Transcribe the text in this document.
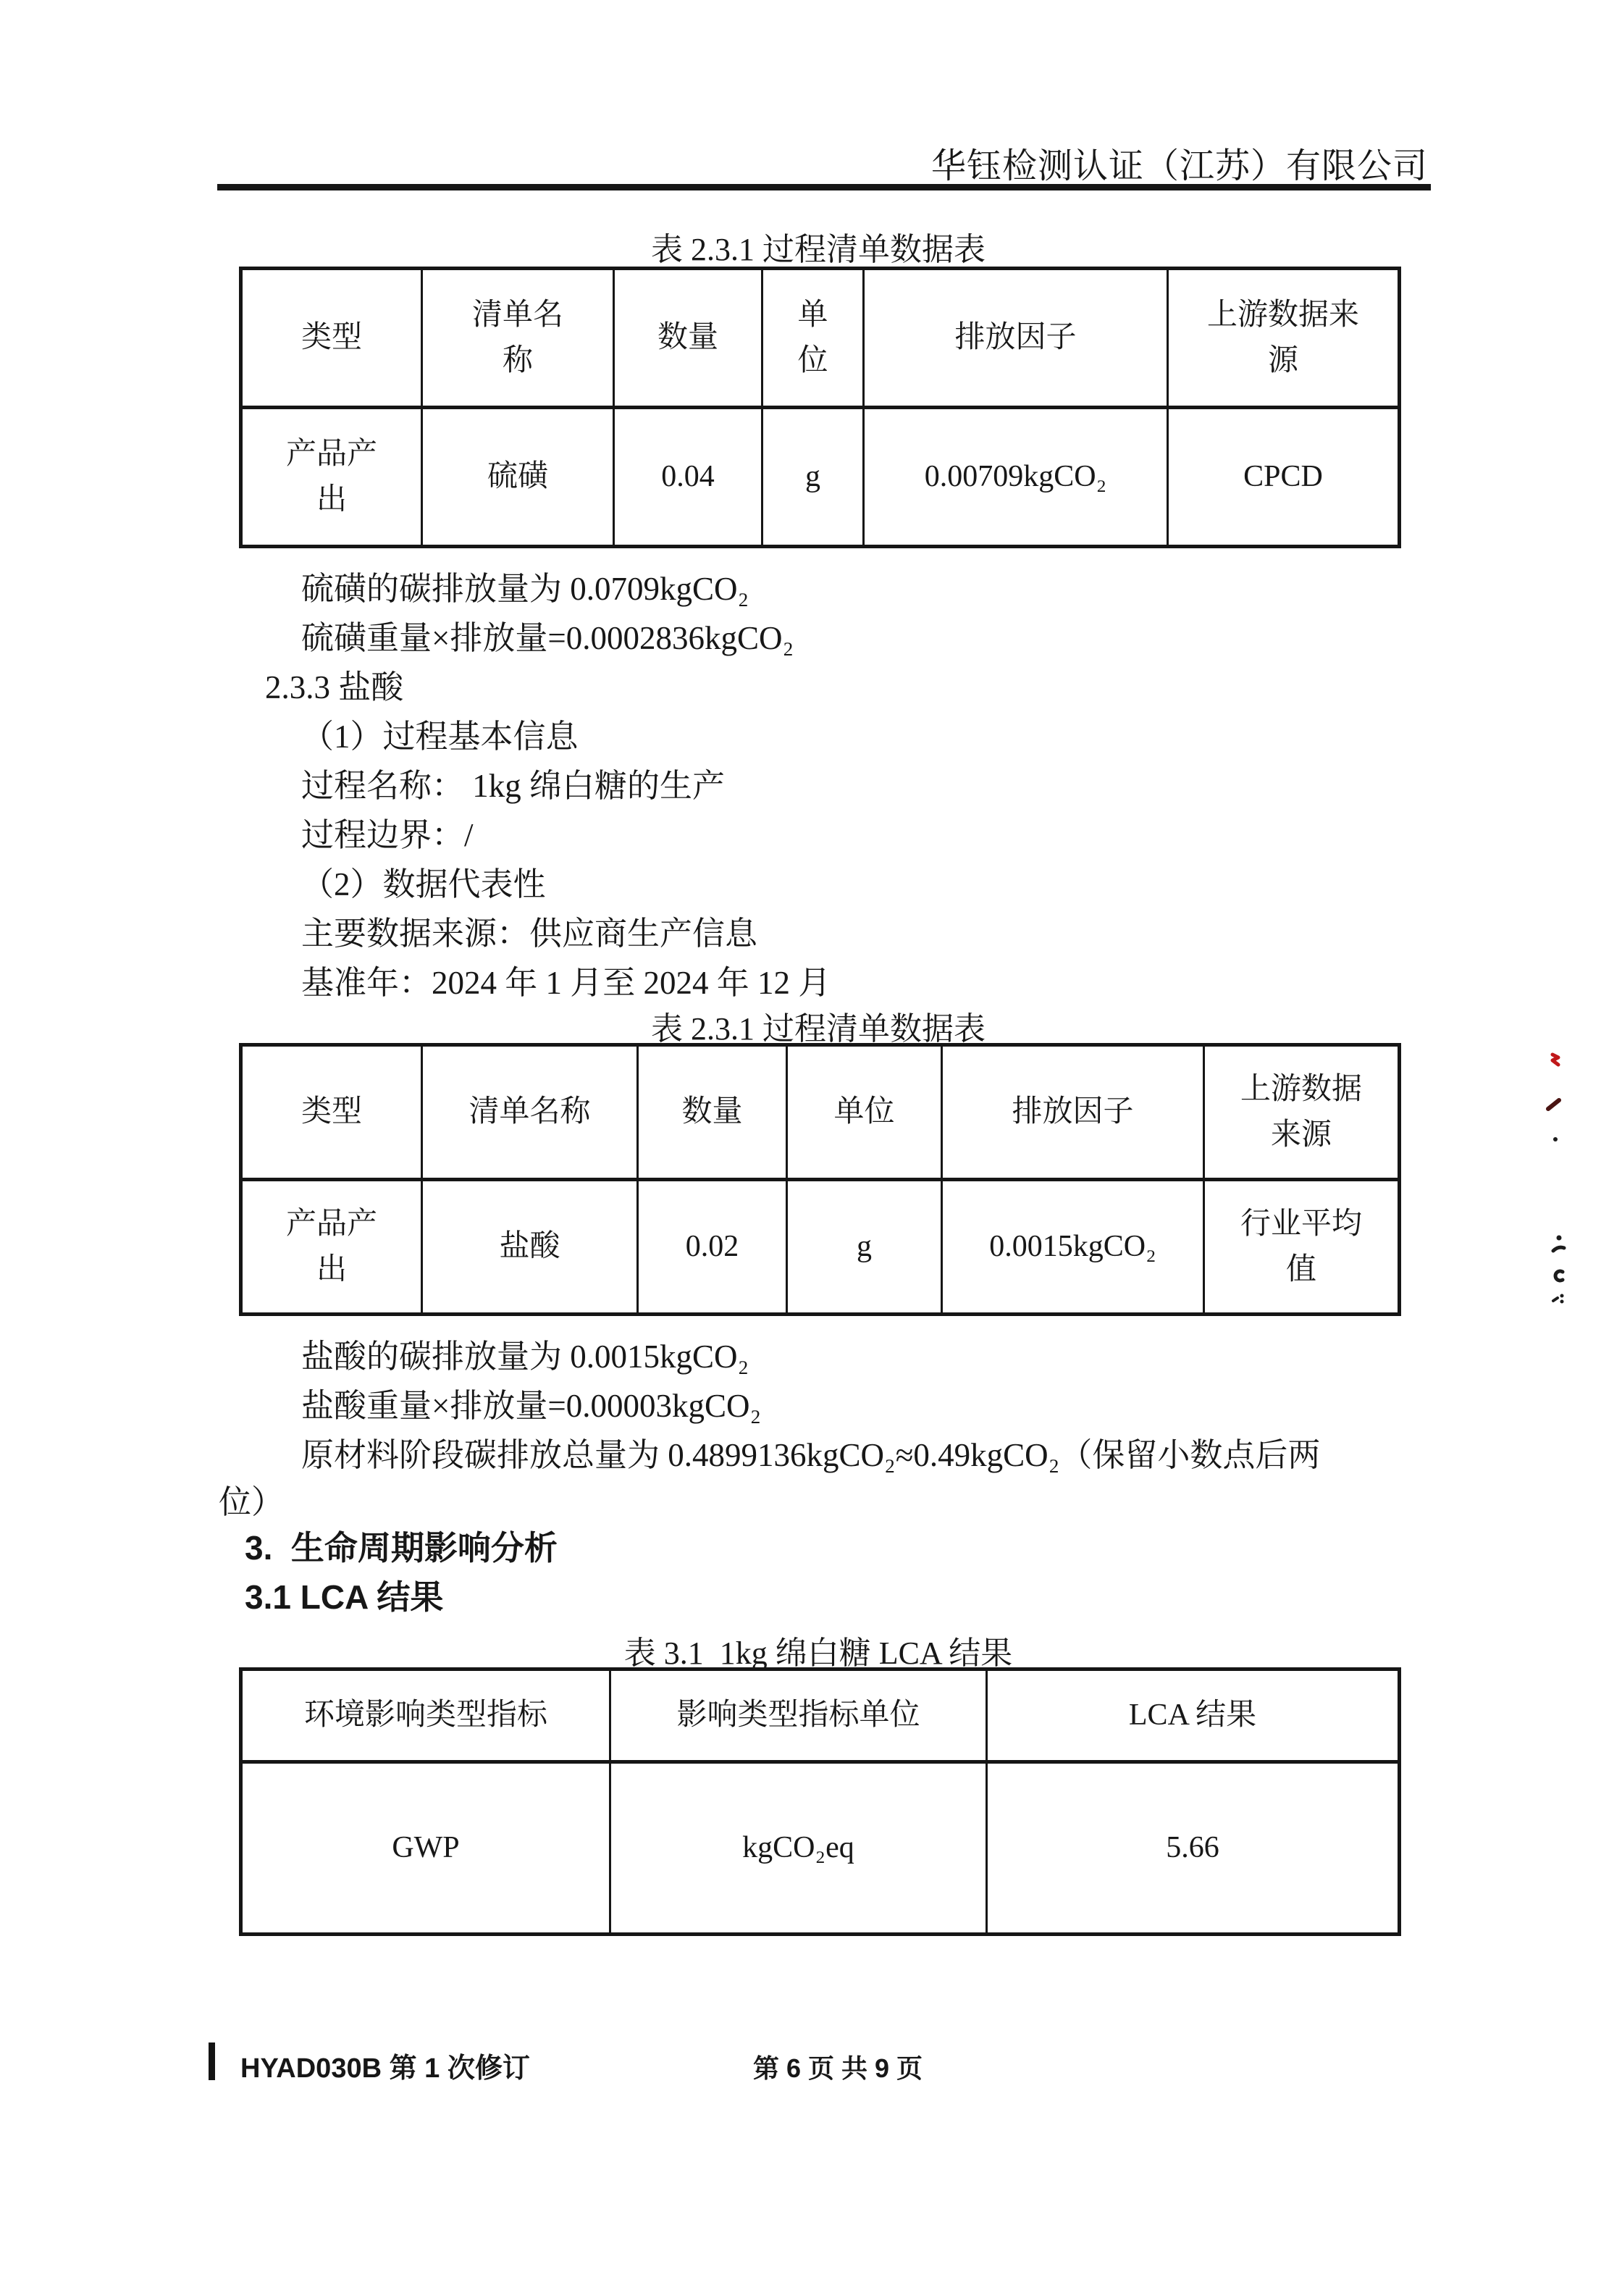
华钰检测认证（江苏）有限公司

表 2.3.1 过程清单数据表

类型	清单名称	数量	单位	排放因子	上游数据来源
产品产出	硫磺	0.04	g	0.00709kgCO₂	CPCD

硫磺的碳排放量为 0.0709kgCO₂

硫磺重量×排放量=0.0002836kgCO₂

2.3.3 盐酸

（1）过程基本信息

过程名称： 1kg 绵白糖的生产

过程边界：/

（2）数据代表性

主要数据来源：供应商生产信息

基准年：2024 年 1 月至 2024 年 12 月

表 2.3.1 过程清单数据表

类型	清单名称	数量	单位	排放因子	上游数据来源
产品产出	盐酸	0.02	g	0.0015kgCO₂	行业平均值

盐酸的碳排放量为 0.0015kgCO₂

盐酸重量×排放量=0.00003kgCO₂

原材料阶段碳排放总量为 0.4899136kgCO₂≈0.49kgCO₂（保留小数点后两

位）

3.  生命周期影响分析

3.1 LCA 结果

表 3.1  1kg 绵白糖 LCA 结果

环境影响类型指标	影响类型指标单位	LCA 结果
GWP	kgCO₂eq	5.66
HYAD030B 第 1 次修订	第 6 页 共 9 页
